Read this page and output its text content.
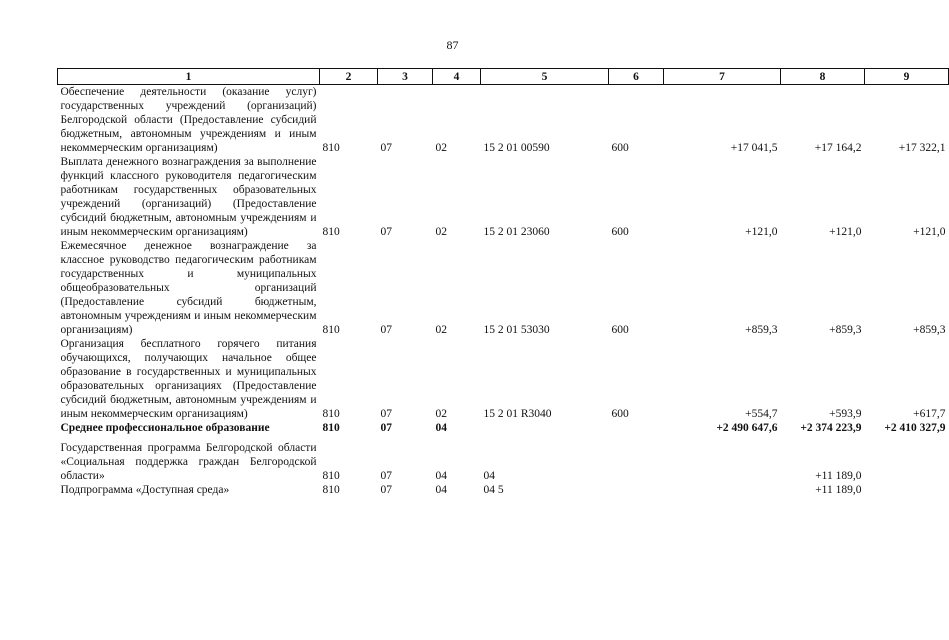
87
1	2	3	4	5	6	7	8	9
Обеспечение деятельности (оказание услуг) государственных учреждений (организаций) Белгородской области (Предоставление субсидий бюджетным, автономным учреждениям и иным некоммерческим организациям)	810	07	02	15 2 01 00590	600	+17 041,5	+17 164,2	+17 322,1
Выплата денежного вознаграждения за выполнение функций классного руководителя педагогическим работникам государственных образовательных учреждений (организаций) (Предоставление субсидий бюджетным, автономным учреждениям и иным некоммерческим организациям)	810	07	02	15 2 01 23060	600	+121,0	+121,0	+121,0
Ежемесячное денежное вознаграждение за классное руководство педагогическим работникам государственных и муниципальных общеобразовательных организаций (Предоставление субсидий бюджетным, автономным учреждениям и иным некоммерческим организациям)	810	07	02	15 2 01 53030	600	+859,3	+859,3	+859,3
Организация бесплатного горячего питания обучающихся, получающих начальное общее образование в государственных и муниципальных образовательных организациях (Предоставление субсидий бюджетным, автономным учреждениям и иным некоммерческим организациям)	810	07	02	15 2 01 R3040	600	+554,7	+593,9	+617,7
Среднее профессиональное образование	810	07	04			+2 490 647,6	+2 374 223,9	+2 410 327,9

Государственная программа Белгородской области «Социальная поддержка граждан Белгородской области»	810	07	04	04			+11 189,0	
Подпрограмма «Доступная среда»	810	07	04	04 5			+11 189,0	
